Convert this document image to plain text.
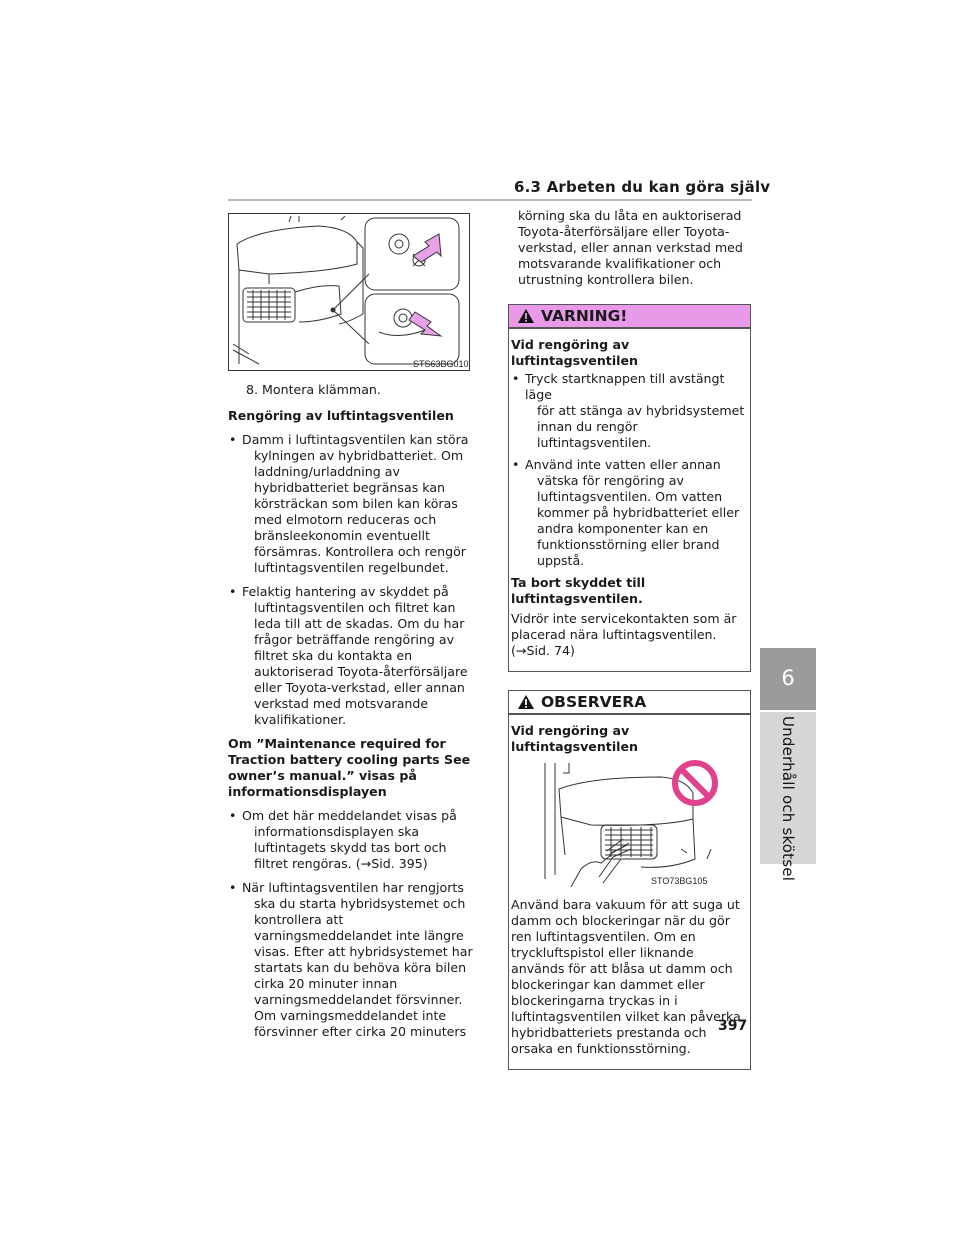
6.3 Arbeten du kan göra själv
6
Underhåll och skötsel
STS63BG010
8. Montera klämman.
Rengöring av luftintagsventilen
• Damm i luftintagsventilen kan störa
kylningen av hybridbatteriet. Om laddning/urladdning av hybridbatteriet begränsas kan körsträckan som bilen kan köras med elmotorn reduceras och bränsleekonomin eventuellt försämras. Kontrollera och rengör luftintagsventilen regelbundet.
• Felaktig hantering av skyddet på
luftintagsventilen och filtret kan leda till att de skadas. Om du har frågor beträffande rengöring av filtret ska du kontakta en auktoriserad Toyota-återförsäljare eller Toyota-verkstad, eller annan verkstad med motsvarande kvalifikationer.
Om ”Maintenance required for Traction battery cooling parts See owner’s manual.” visas på informationsdisplayen
• Om det här meddelandet visas på
informationsdisplayen ska luftintagets skydd tas bort och filtret rengöras. (→Sid. 395)
• När luftintagsventilen har rengjorts
ska du starta hybridsystemet och kontrollera att varningsmeddelandet inte längre visas. Efter att hybridsystemet har startats kan du behöva köra bilen cirka 20 minuter innan varningsmeddelandet försvinner. Om varningsmeddelandet inte försvinner efter cirka 20 minuters
körning ska du låta en auktoriserad Toyota-återförsäljare eller Toyota-verkstad, eller annan verkstad med motsvarande kvalifikationer och utrustning kontrollera bilen.
VARNING!

Vid rengöring av luftintagsventilen

• Tryck startknappen till avstängt läge
för att stänga av hybridsystemet innan du rengör luftintagsventilen.
• Använd inte vatten eller annan
vätska för rengöring av luftintagsventilen. Om vatten kommer på hybridbatteriet eller andra komponenter kan en funktionsstörning eller brand uppstå.

Ta bort skyddet till luftintagsventilen.

Vidrör inte servicekontakten som är placerad nära luftintagsventilen. (→Sid. 74)

OBSERVERA

Vid rengöring av luftintagsventilen

STO73BG105

Använd bara vakuum för att suga ut damm och blockeringar när du gör ren luftintagsventilen. Om en tryckluftspistol eller liknande används för att blåsa ut damm och blockeringar kan dammet eller blockeringarna tryckas in i luftintagsventilen vilket kan påverka hybridbatteriets prestanda och orsaka en funktionsstörning.

397
